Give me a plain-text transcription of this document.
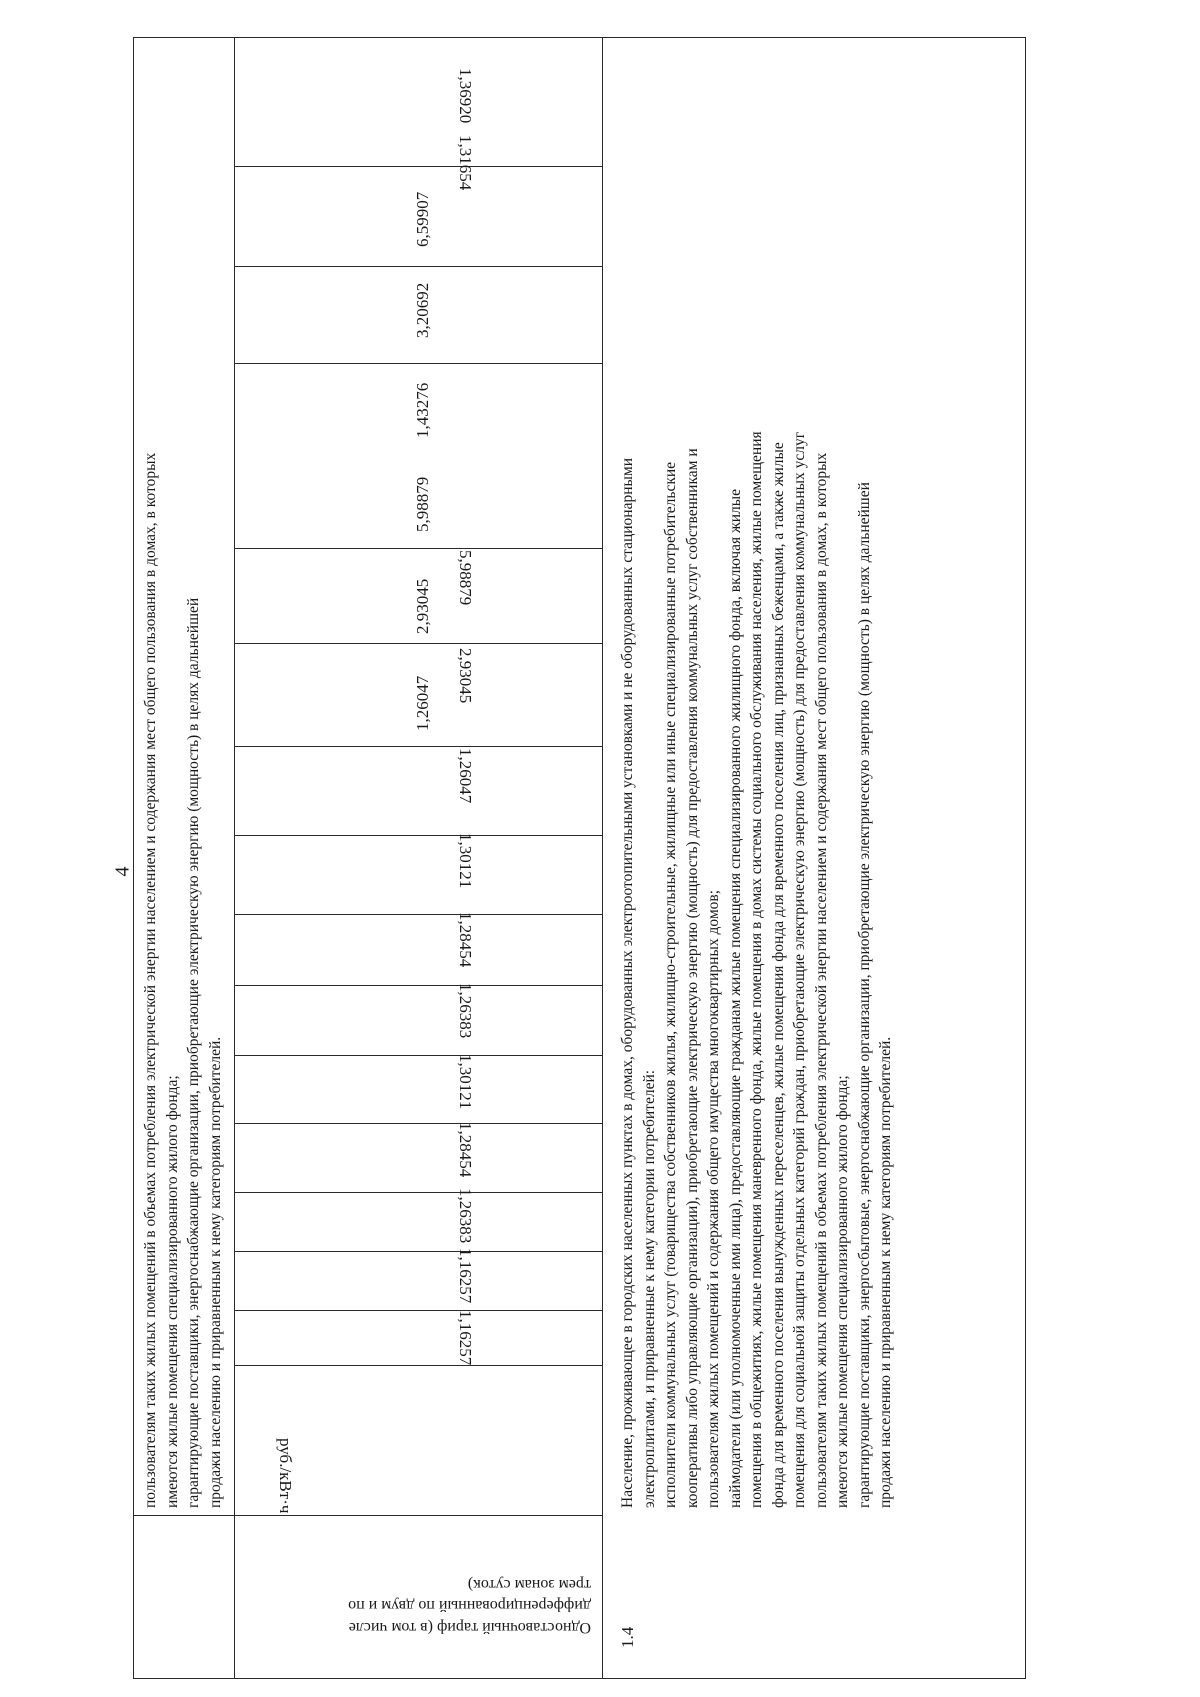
4 пользователям таких жилых помещений в объемах потребления электрической энергии населением и содержания мест общего пользования в домах, в которых имеются жилые помещения специализированного жилого фонда; гарантирующие поставщики, энергоснабжающие организации, приобретающие электрическую энергию (мощность) в целях дальнейшей продажи населению и приравненным к нему категориям потребителей.
Одноставочный тариф (в том числе
дифференцированный по двум и по
трем зонам суток)
руб./кВт·ч
1,16257
1,16257
1,26383
1,28454
1,30121
1,26383
1,28454
1,30121
1,26047
2,93045
5,98879
1,26047
2,93045
5,98879
1,43276
3,20692
6,59907
1,31654
1,36920
1.4
Население, проживающее в городских населенных пунктах в домах, оборудованных электроотопительными установками и не оборудованных стационарными электроплитами, и приравненные к нему категории потребителей: исполнители коммунальных услуг (товарищества собственников жилья, жилищно-строительные, жилищные или иные специализированные потребительские кооперативы либо управляющие организации), приобретающие электрическую энергию (мощность) для предоставления коммунальных услуг собственникам и пользователям жилых помещений и содержания общего имущества многоквартирных домов; наймодатели (или уполномоченные ими лица), предоставляющие гражданам жилые помещения специализированного жилищного фонда, включая жилые помещения в общежитиях, жилые помещения маневренного фонда, жилые помещения в домах системы социального обслуживания населения, жилые помещения фонда для временного поселения вынужденных переселенцев, жилые помещения фонда для временного поселения лиц, признанных беженцами, а также жилые помещения для социальной защиты отдельных категорий граждан, приобретающие электрическую энергию (мощность) для предоставления коммунальных услуг пользователям таких жилых помещений в объемах потребления электрической энергии населением и содержания мест общего пользования в домах, в которых имеются жилые помещения специализированного жилого фонда; гарантирующие поставщики, энергосбытовые, энергоснабжающие организации, приобретающие электрическую энергию (мощность) в целях дальнейшей продажи населению и приравненным к нему категориям потребителей.
